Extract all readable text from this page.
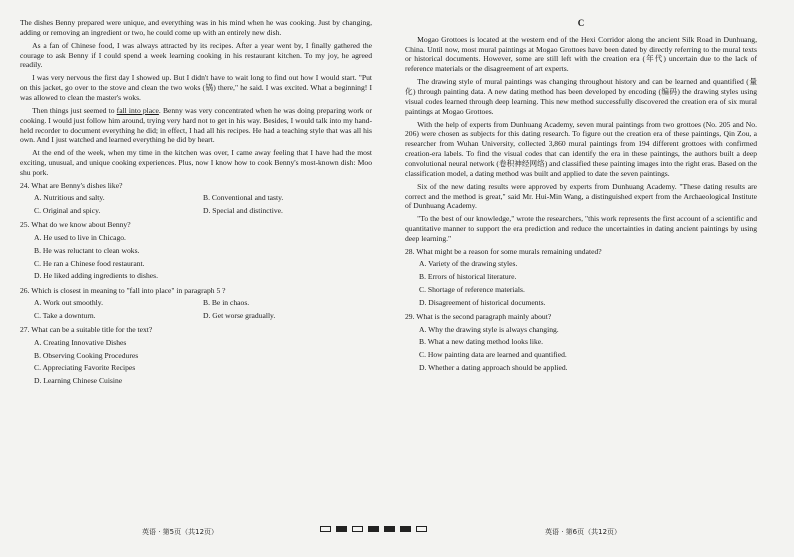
The dishes Benny prepared were unique, and everything was in his mind when he was cooking. Just by changing, adding or removing an ingredient or two, he could come up with an entirely new dish.

As a fan of Chinese food, I was always attracted by its recipes. After a year went by, I finally gathered the courage to ask Benny if I could spend a week learning cooking in his restaurant kitchen. To my joy, he agreed readily.

I was very nervous the first day I showed up. But I didn't have to wait long to find out how I would start. "Put on this jacket, go over to the stove and clean the two woks (锅) there," he said. I was excited. What a beginning! I was allowed to clean the master's woks.

Then things just seemed to fall into place. Benny was very concentrated when he was doing preparing work or cooking. I would just follow him around, trying very hard not to get in his way. Besides, I would talk into my hand-held recorder to document everything he did; in effect, I had all his recipes. He had a teaching style that was all his own. And I just watched and learned everything he did by heart.

At the end of the week, when my time in the kitchen was over, I came away feeling that I have had the most exciting, unusual, and unique cooking experiences. Plus, now I know how to cook Benny's most-known dish: Moo shu pork.

24. What are Benny's dishes like?
A. Nutritious and salty.	B. Conventional and tasty.
C. Original and spicy.	D. Special and distinctive.
25. What do we know about Benny?
A. He used to live in Chicago.
B. He was reluctant to clean woks.
C. He ran a Chinese food restaurant.
D. He liked adding ingredients to dishes.
26. Which is closest in meaning to "fall into place" in paragraph 5 ?
A. Work out smoothly.	B. Be in chaos.
C. Take a downturn.	D. Get worse gradually.
27. What can be a suitable title for the text?
A. Creating Innovative Dishes
B. Observing Cooking Procedures
C. Appreciating Favorite Recipes
D. Learning Chinese Cuisine
C

Mogao Grottoes is located at the western end of the Hexi Corridor along the ancient Silk Road in Dunhuang, China. Until now, most mural paintings at Mogao Grottoes have been dated by directly referring to the mural texts or historical documents. However, some are still left with the creation era (年代) uncertain due to the lack of reference materials or the disagreement of art experts.

The drawing style of mural paintings was changing throughout history and can be learned and quantified (量化) through painting data. A new dating method has been developed by encoding (编码) the drawing styles using visual codes learned through deep learning. This new method successfully discovered the creation era of six mural paintings at Mogao Grottoes.

With the help of experts from Dunhuang Academy, seven mural paintings from two grottoes (No. 205 and No. 206) were chosen as subjects for this dating research. To figure out the creation era of these paintings, Qin Zou, a researcher from Wuhan University, collected 3,860 mural paintings from 194 different grottoes with confirmed creation-era labels. To find the visual codes that can identify the era in these paintings, the authors built a deep convolutional neural network (卷积神经网络) and classified these painting images into the right eras. Based on the classification model, a dating method was built and applied to date the seven paintings.

Six of the new dating results were approved by experts from Dunhuang Academy. "These dating results are correct and the method is great," said Mr. Hui-Min Wang, a distinguished expert from the Archaeological Institute of Dunhuang Academy.

"To the best of our knowledge," wrote the researchers, "this work represents the first account of a scientific and quantitative manner to support the era prediction and reduce the uncertainties in dating ancient paintings by using deep learning."

28. What might be a reason for some murals remaining undated?
A. Variety of the drawing styles.
B. Errors of historical literature.
C. Shortage of reference materials.
D. Disagreement of historical documents.
29. What is the second paragraph mainly about?
A. Why the drawing style is always changing.
B. What a new dating method looks like.
C. How painting data are learned and quantified.
D. Whether a dating approach should be applied.
英语 · 第5页（共12页）	英语 · 第6页（共12页）
